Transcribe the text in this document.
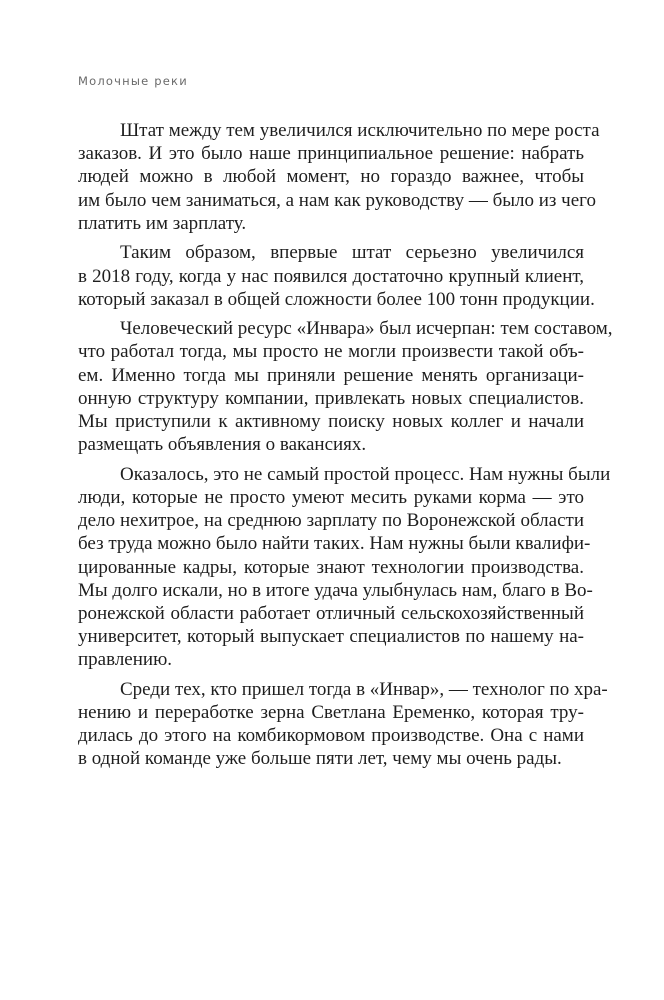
Молочные реки

Штат между тем увеличился исключительно по мере роста
заказов. И это было наше принципиальное решение: набрать
людей можно в любой момент, но гораздо важнее, чтобы
им было чем заниматься, а нам как руководству — было из чего
платить им зарплату.

Таким образом, впервые штат серьезно увеличился
в 2018 году, когда у нас появился достаточно крупный клиент,
который заказал в общей сложности более 100 тонн продукции.

Человеческий ресурс «Инвара» был исчерпан: тем составом,
что работал тогда, мы просто не могли произвести такой объ-
ем. Именно тогда мы приняли решение менять организаци-
онную структуру компании, привлекать новых специалистов.
Мы приступили к активному поиску новых коллег и начали
размещать объявления о вакансиях.

Оказалось, это не самый простой процесс. Нам нужны были
люди, которые не просто умеют месить руками корма — это
дело нехитрое, на среднюю зарплату по Воронежской области
без труда можно было найти таких. Нам нужны были квалифи-
цированные кадры, которые знают технологии производства.
Мы долго искали, но в итоге удача улыбнулась нам, благо в Во-
ронежской области работает отличный сельскохозяйственный
университет, который выпускает специалистов по нашему на-
правлению.

Среди тех, кто пришел тогда в «Инвар», — технолог по хра-
нению и переработке зерна Светлана Еременко, которая тру-
дилась до этого на комбикормовом производстве. Она с нами
в одной команде уже больше пяти лет, чему мы очень рады.
